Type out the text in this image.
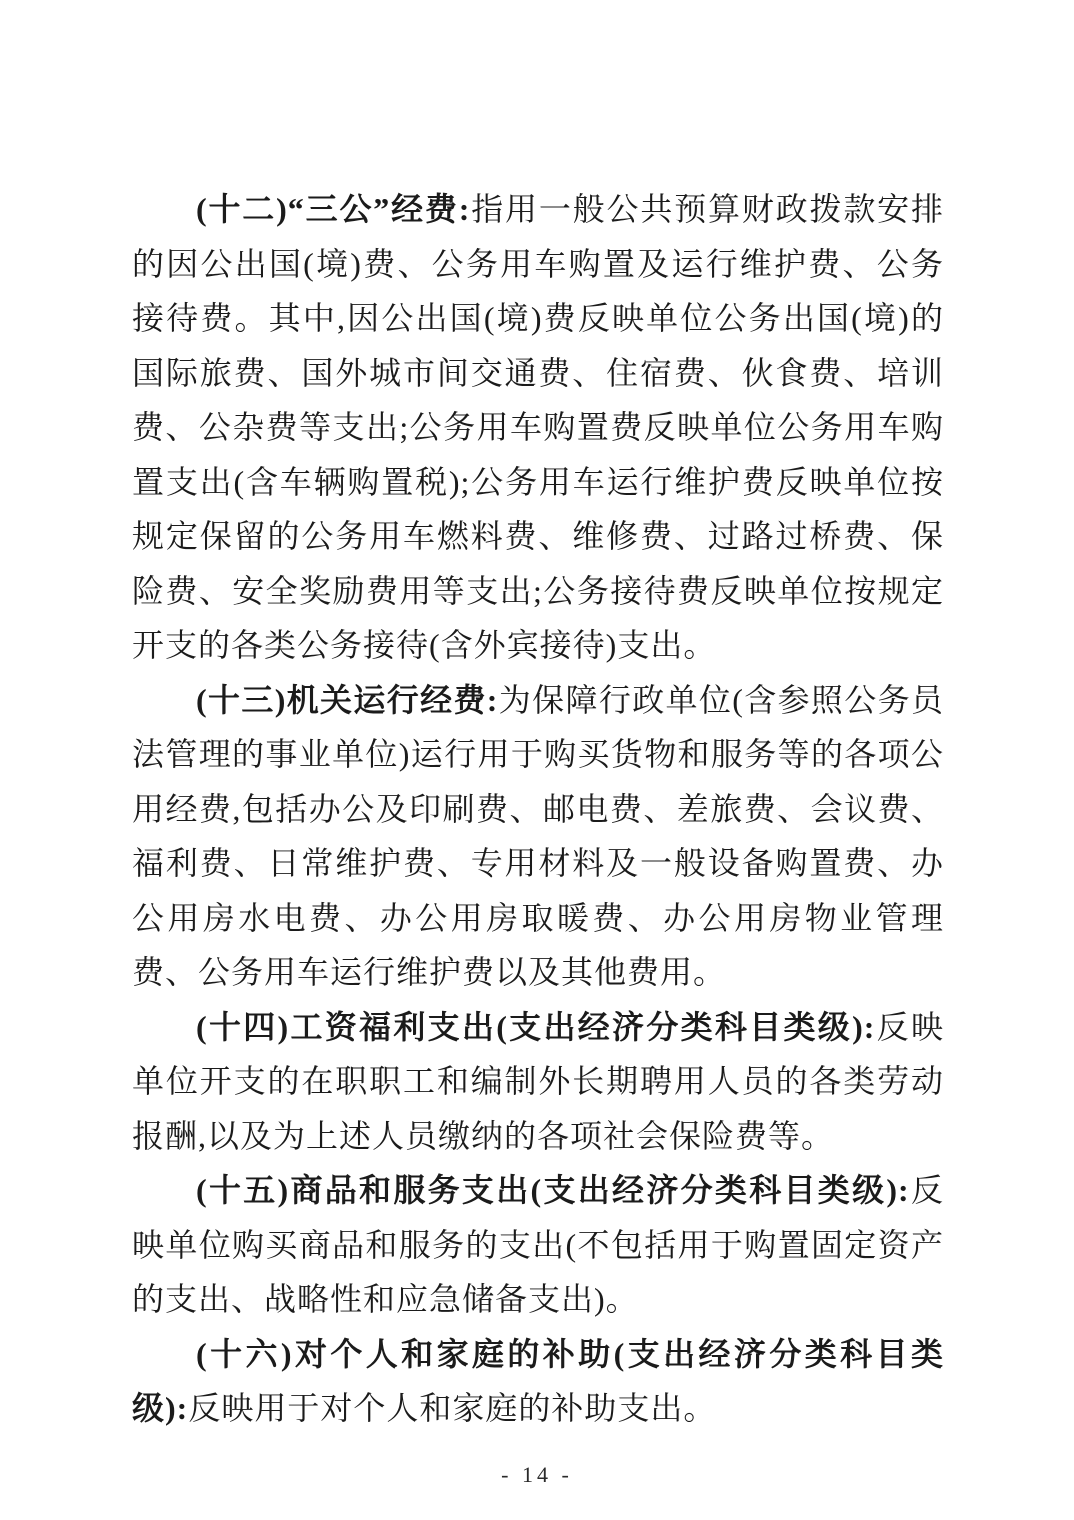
(十二)“三公”经费:指用一般公共预算财政拨款安排的因公出国(境)费、公务用车购置及运行维护费、公务接待费。其中,因公出国(境)费反映单位公务出国(境)的国际旅费、国外城市间交通费、住宿费、伙食费、培训费、公杂费等支出;公务用车购置费反映单位公务用车购置支出(含车辆购置税);公务用车运行维护费反映单位按规定保留的公务用车燃料费、维修费、过路过桥费、保险费、安全奖励费用等支出;公务接待费反映单位按规定开支的各类公务接待(含外宾接待)支出。

(十三)机关运行经费:为保障行政单位(含参照公务员法管理的事业单位)运行用于购买货物和服务等的各项公用经费,包括办公及印刷费、邮电费、差旅费、会议费、福利费、日常维护费、专用材料及一般设备购置费、办公用房水电费、办公用房取暖费、办公用房物业管理费、公务用车运行维护费以及其他费用。

(十四)工资福利支出(支出经济分类科目类级):反映单位开支的在职职工和编制外长期聘用人员的各类劳动报酬,以及为上述人员缴纳的各项社会保险费等。

(十五)商品和服务支出(支出经济分类科目类级):反映单位购买商品和服务的支出(不包括用于购置固定资产的支出、战略性和应急储备支出)。

(十六)对个人和家庭的补助(支出经济分类科目类级):反映用于对个人和家庭的补助支出。

- 14 -
